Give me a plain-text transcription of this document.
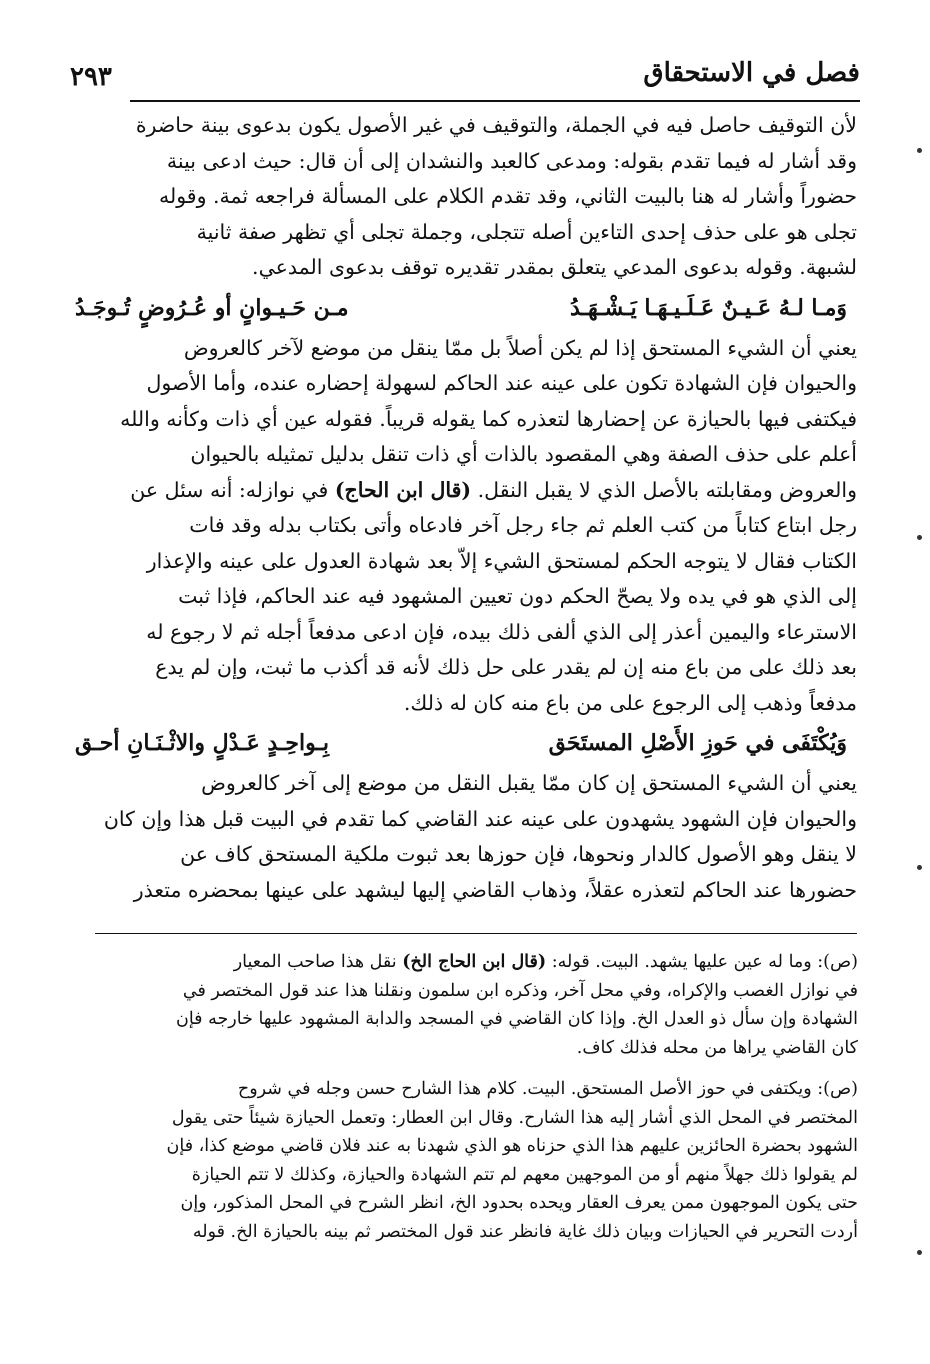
٢٩٣	فصل في الاستحقاق

لأن التوقيف حاصل فيه في الجملة، والتوقيف في غير الأصول يكون بدعوى بينة حاضرة
وقد أشار له فيما تقدم بقوله: ومدعى كالعبد والنشدان إلى أن قال: حيث ادعى بينة
حضوراً وأشار له هنا بالبيت الثاني، وقد تقدم الكلام على المسألة فراجعه ثمة. وقوله
تجلى هو على حذف إحدى التاءين أصله تتجلى، وجملة تجلى أي تظهر صفة ثانية
لشبهة. وقوله بدعوى المدعي يتعلق بمقدر تقديره توقف بدعوى المدعي.

وَمـا لـهُ عَـيـنٌ عَـلَـيـهَـا يَـشْـهَـدُ
مـن حَـيـوانٍ أو عُـرُوضٍ تُـوجَـدُ

يعني أن الشيء المستحق إذا لم يكن أصلاً بل ممّا ينقل من موضع لآخر كالعروض
والحيوان فإن الشهادة تكون على عينه عند الحاكم لسهولة إحضاره عنده، وأما الأصول
فيكتفى فيها بالحيازة عن إحضارها لتعذره كما يقوله قريباً. فقوله عين أي ذات وكأنه والله
أعلم على حذف الصفة وهي المقصود بالذات أي ذات تنقل بدليل تمثيله بالحيوان
والعروض ومقابلته بالأصل الذي لا يقبل النقل. (قال ابن الحاج) في نوازله: أنه سئل عن
رجل ابتاع كتاباً من كتب العلم ثم جاء رجل آخر فادعاه وأتى بكتاب بدله وقد فات
الكتاب فقال لا يتوجه الحكم لمستحق الشيء إلاّ بعد شهادة العدول على عينه والإعذار
إلى الذي هو في يده ولا يصحّ الحكم دون تعيين المشهود فيه عند الحاكم، فإذا ثبت
الاسترعاء واليمين أعذر إلى الذي ألفى ذلك بيده، فإن ادعى مدفعاً أجله ثم لا رجوع له
بعد ذلك على من باع منه إن لم يقدر على حل ذلك لأنه قد أكذب ما ثبت، وإن لم يدع
مدفعاً وذهب إلى الرجوع على من باع منه كان له ذلك.

وَيُكْتَفَى في حَوزِ الأَصْلِ المستَحَق
بِـواحِـدٍ عَـدْلٍ والاثْـنَـانِ أحـق

يعني أن الشيء المستحق إن كان ممّا يقبل النقل من موضع إلى آخر كالعروض
والحيوان فإن الشهود يشهدون على عينه عند القاضي كما تقدم في البيت قبل هذا وإن كان
لا ينقل وهو الأصول كالدار ونحوها، فإن حوزها بعد ثبوت ملكية المستحق كاف عن
حضورها عند الحاكم لتعذره عقلاً، وذهاب القاضي إليها ليشهد على عينها بمحضره متعذر

(ص): وما له عين عليها يشهد. البيت. قوله: (قال ابن الحاج الخ) نقل هذا صاحب المعيار
في نوازل الغصب والإكراه، وفي محل آخر، وذكره ابن سلمون ونقلنا هذا عند قول المختصر في
الشهادة وإن سأل ذو العدل الخ. وإذا كان القاضي في المسجد والدابة المشهود عليها خارجه فإن
كان القاضي يراها من محله فذلك كاف.

(ص): ويكتفى في حوز الأصل المستحق. البيت. كلام هذا الشارح حسن وجله في شروح
المختصر في المحل الذي أشار إليه هذا الشارح. وقال ابن العطار: وتعمل الحيازة شيئاً حتى يقول
الشهود بحضرة الحائزين عليهم هذا الذي حزناه هو الذي شهدنا به عند فلان قاضي موضع كذا، فإن
لم يقولوا ذلك جهلاً منهم أو من الموجهين معهم لم تتم الشهادة والحيازة، وكذلك لا تتم الحيازة
حتى يكون الموجهون ممن يعرف العقار ويحده بحدود الخ، انظر الشرح في المحل المذكور، وإن
أردت التحرير في الحيازات وبيان ذلك غاية فانظر عند قول المختصر ثم بينه بالحيازة الخ. قوله
